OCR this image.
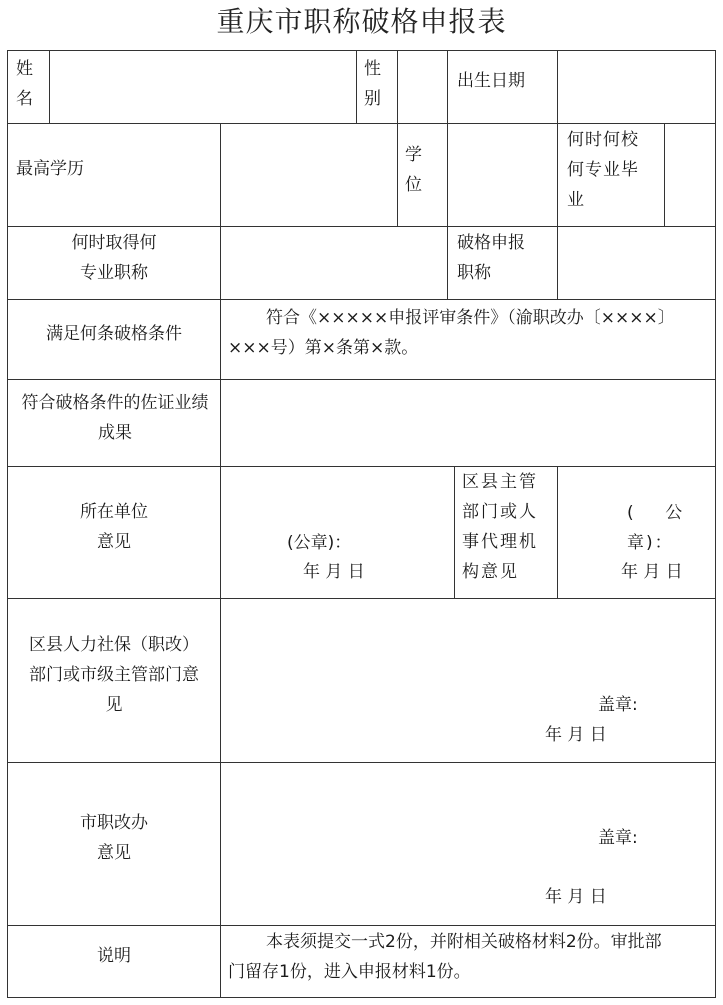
重庆市职称破格申报表
姓
名
性
别
出生日期
最高学历
学
位
何时何校
何专业毕
业
何时取得何
专业职称
破格申报
职称
满足何条破格条件
符合《×××××申报评审条件》（渝职改办〔××××〕
×××号）第×条第×款。
符合破格条件的佐证业绩
成果
所在单位
意见	(公章)：
年 月 日
区县主管
部门或人
事代理机
构意见
(    公
章)：
年 月 日
区县人力社保（职改）
部门或市级主管部门意
见	盖章:
年 月 日
市职改办
意见
盖章:
年 月 日
说明
本表须提交一式2份，并附相关破格材料2份。审批部
门留存1份，进入申报材料1份。
